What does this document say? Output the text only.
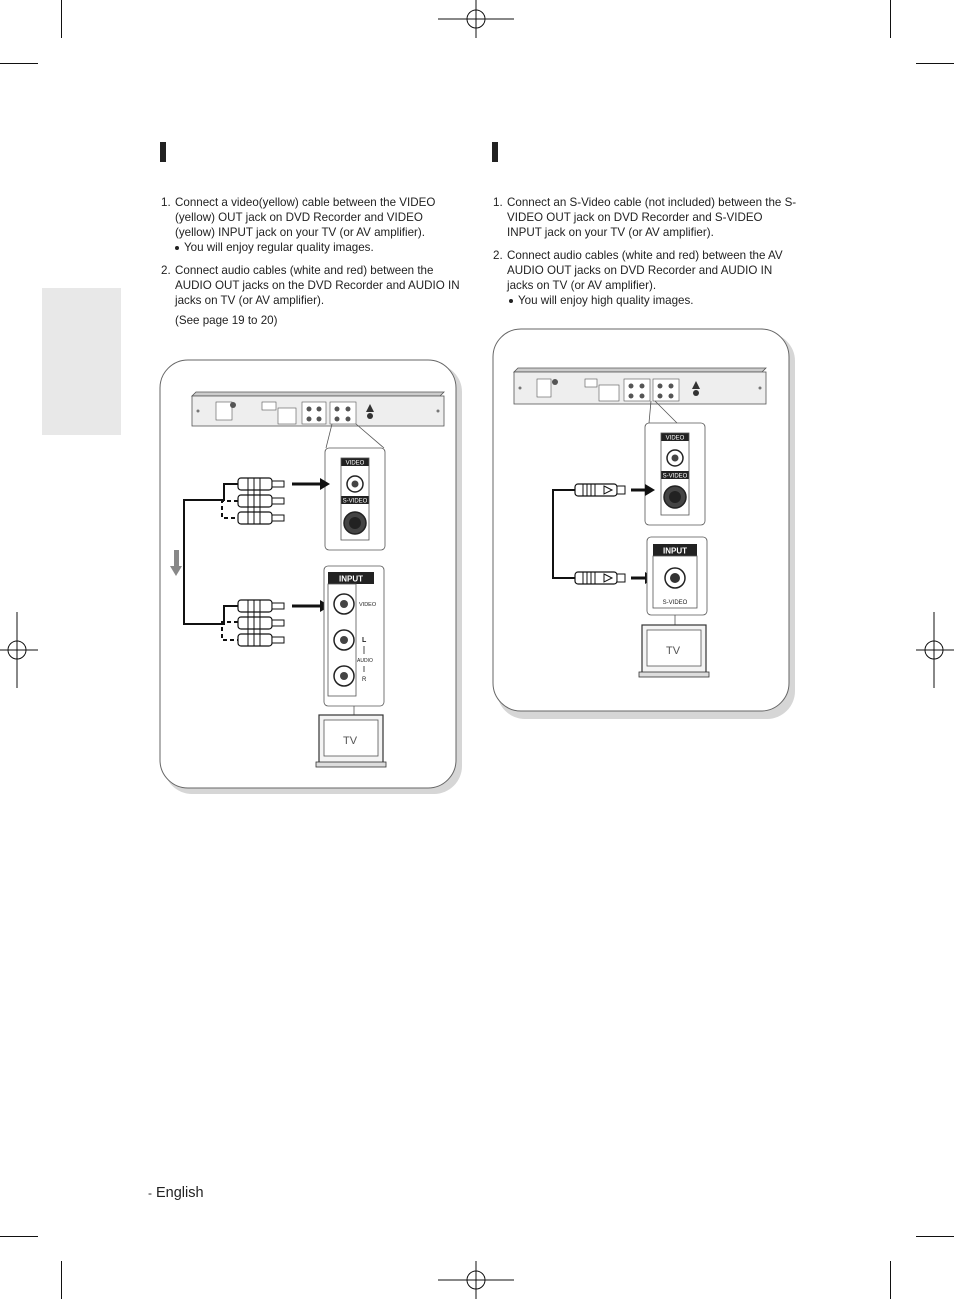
1. Connect a video(yellow) cable between the VIDEO (yellow) OUT jack on DVD Recorder and VIDEO (yellow) INPUT jack on your TV (or AV amplifier).
You will enjoy regular quality images.
2. Connect audio cables (white and red) between the AUDIO OUT jacks on the DVD Recorder and AUDIO IN jacks on TV (or AV amplifier).
(See page 19 to 20)
VIDEO
S-VIDEO
INPUT
VIDEO
L
AUDIO
R
TV
1. Connect an S-Video cable (not included) between the S-VIDEO OUT jack on DVD Recorder and S-VIDEO INPUT jack on your TV (or AV amplifier).
2. Connect audio cables (white and red) between the AV AUDIO OUT jacks on DVD Recorder and AUDIO IN jacks on TV (or AV amplifier).
You will enjoy high quality images.
VIDEO
S-VIDEO
INPUT
S-VIDEO
TV
- English
